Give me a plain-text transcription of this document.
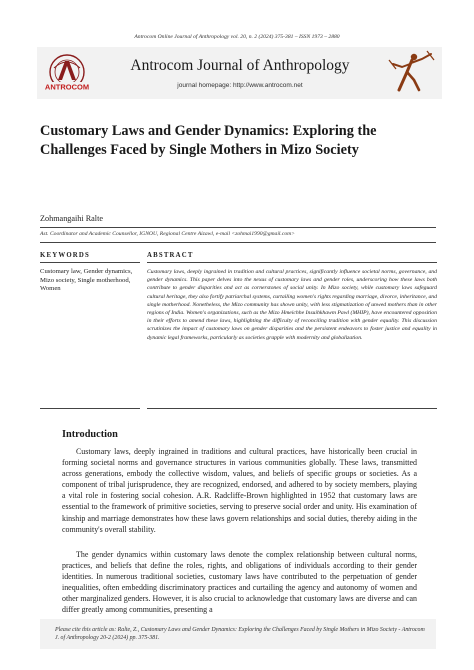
Antrocom Online Journal of Anthropology vol. 20, n. 2 (2024) 375-381 – ISSN 1973 – 2880
ANTROCOM
Antrocom Journal of Anthropology
journal homepage: http://www.antrocom.net
Customary Laws and Gender Dynamics: Exploring the Challenges Faced by Single Mothers in Mizo Society
Zohmangaihi Ralte
Ast. Coordinator and Academic Counsellor, IGNOU, Regional Centre Aizawl, e-mail <zohmai1990@gmail.com>
KEYWORDS	ABSTRACT
Customary law, Gender dynamics, Mizo society, Single motherhood, Women
Customary laws, deeply ingrained in tradition and cultural practices, significantly influence societal norms, governance, and gender dynamics. This paper delves into the nexus of customary laws and gender roles, underscoring how these laws both contribute to gender disparities and act as cornerstones of social unity. In Mizo society, while customary laws safeguard cultural heritage, they also fortify patriarchal systems, curtailing women's rights regarding marriage, divorce, inheritance, and single motherhood. Nonetheless, the Mizo community has shown unity, with less stigmatization of unwed mothers than in other regions of India. Women's organizations, such as the Mizo Hmeichhe Insuihkhawm Pawl (MHIP), have encountered opposition in their efforts to amend these laws, highlighting the difficulty of reconciling tradition with gender equality. This discussion scrutinizes the impact of customary laws on gender disparities and the persistent endeavors to foster justice and equality in dynamic legal frameworks, particularly as societies grapple with modernity and globalization.
Introduction
Customary laws, deeply ingrained in traditions and cultural practices, have historically been crucial in forming societal norms and governance structures in various communities globally. These laws, transmitted across generations, embody the collective wisdom, values, and beliefs of specific groups or societies. As a component of tribal jurisprudence, they are recognized, endorsed, and adhered to by society members, playing a vital role in fostering social cohesion. A.R. Radcliffe-Brown highlighted in 1952 that customary laws are essential to the framework of primitive societies, serving to preserve social order and unity. His examination of kinship and marriage demonstrates how these laws govern relationships and social duties, thereby aiding in the community's overall stability.
The gender dynamics within customary laws denote the complex relationship between cultural norms, practices, and beliefs that define the roles, rights, and obligations of individuals according to their gender identities. In numerous traditional societies, customary laws have contributed to the perpetuation of gender inequalities, often embedding discriminatory practices and curtailing the agency and autonomy of women and other marginalized genders. However, it is also crucial to acknowledge that customary laws are diverse and can differ greatly among communities, presenting a
Please cite this article as: Ralte, Z., Customary Laws and Gender Dynamics: Exploring the Challenges Faced by Single Mothers in Mizo Society - Antrocom J. of Anthropology 20-2 (2024) pp. 375-381.
